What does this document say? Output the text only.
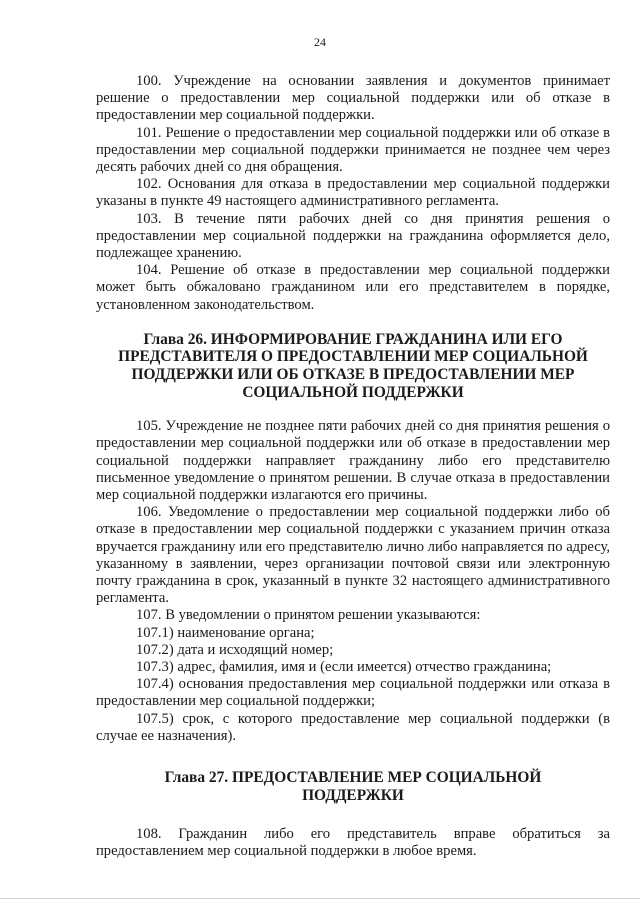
24

100. Учреждение на основании заявления и документов принимает решение о предоставлении мер социальной поддержки или об отказе в предоставлении мер социальной поддержки.

101. Решение о предоставлении мер социальной поддержки или об отказе в предоставлении мер социальной поддержки принимается не позднее чем через десять рабочих дней со дня обращения.

102. Основания для отказа в предоставлении мер социальной поддержки указаны в пункте 49 настоящего административного регламента.

103. В течение пяти рабочих дней со дня принятия решения о предоставлении мер социальной поддержки на гражданина оформляется дело, подлежащее хранению.

104. Решение об отказе в предоставлении мер социальной поддержки может быть обжаловано гражданином или его представителем в порядке, установленном законодательством.

Глава 26. ИНФОРМИРОВАНИЕ ГРАЖДАНИНА ИЛИ ЕГО ПРЕДСТАВИТЕЛЯ О ПРЕДОСТАВЛЕНИИ МЕР СОЦИАЛЬНОЙ ПОДДЕРЖКИ ИЛИ ОБ ОТКАЗЕ В ПРЕДОСТАВЛЕНИИ МЕР СОЦИАЛЬНОЙ ПОДДЕРЖКИ

105. Учреждение не позднее пяти рабочих дней со дня принятия решения о предоставлении мер социальной поддержки или об отказе в предоставлении мер социальной поддержки направляет гражданину либо его представителю письменное уведомление о принятом решении. В случае отказа в предоставлении мер социальной поддержки излагаются его причины.

106. Уведомление о предоставлении мер социальной поддержки либо об отказе в предоставлении мер социальной поддержки с указанием причин отказа вручается гражданину или его представителю лично либо направляется по адресу, указанному в заявлении, через организации почтовой связи или электронную почту гражданина в срок, указанный в пункте 32 настоящего административного регламента.

107. В уведомлении о принятом решении указываются:

107.1) наименование органа;

107.2) дата и исходящий номер;

107.3) адрес, фамилия, имя и (если имеется) отчество гражданина;

107.4) основания предоставления мер социальной поддержки или отказа в предоставлении мер социальной поддержки;

107.5) срок, с которого предоставление мер социальной поддержки (в случае ее назначения).

Глава 27. ПРЕДОСТАВЛЕНИЕ МЕР СОЦИАЛЬНОЙ ПОДДЕРЖКИ

108. Гражданин либо его представитель вправе обратиться за предоставлением мер социальной поддержки в любое время.
